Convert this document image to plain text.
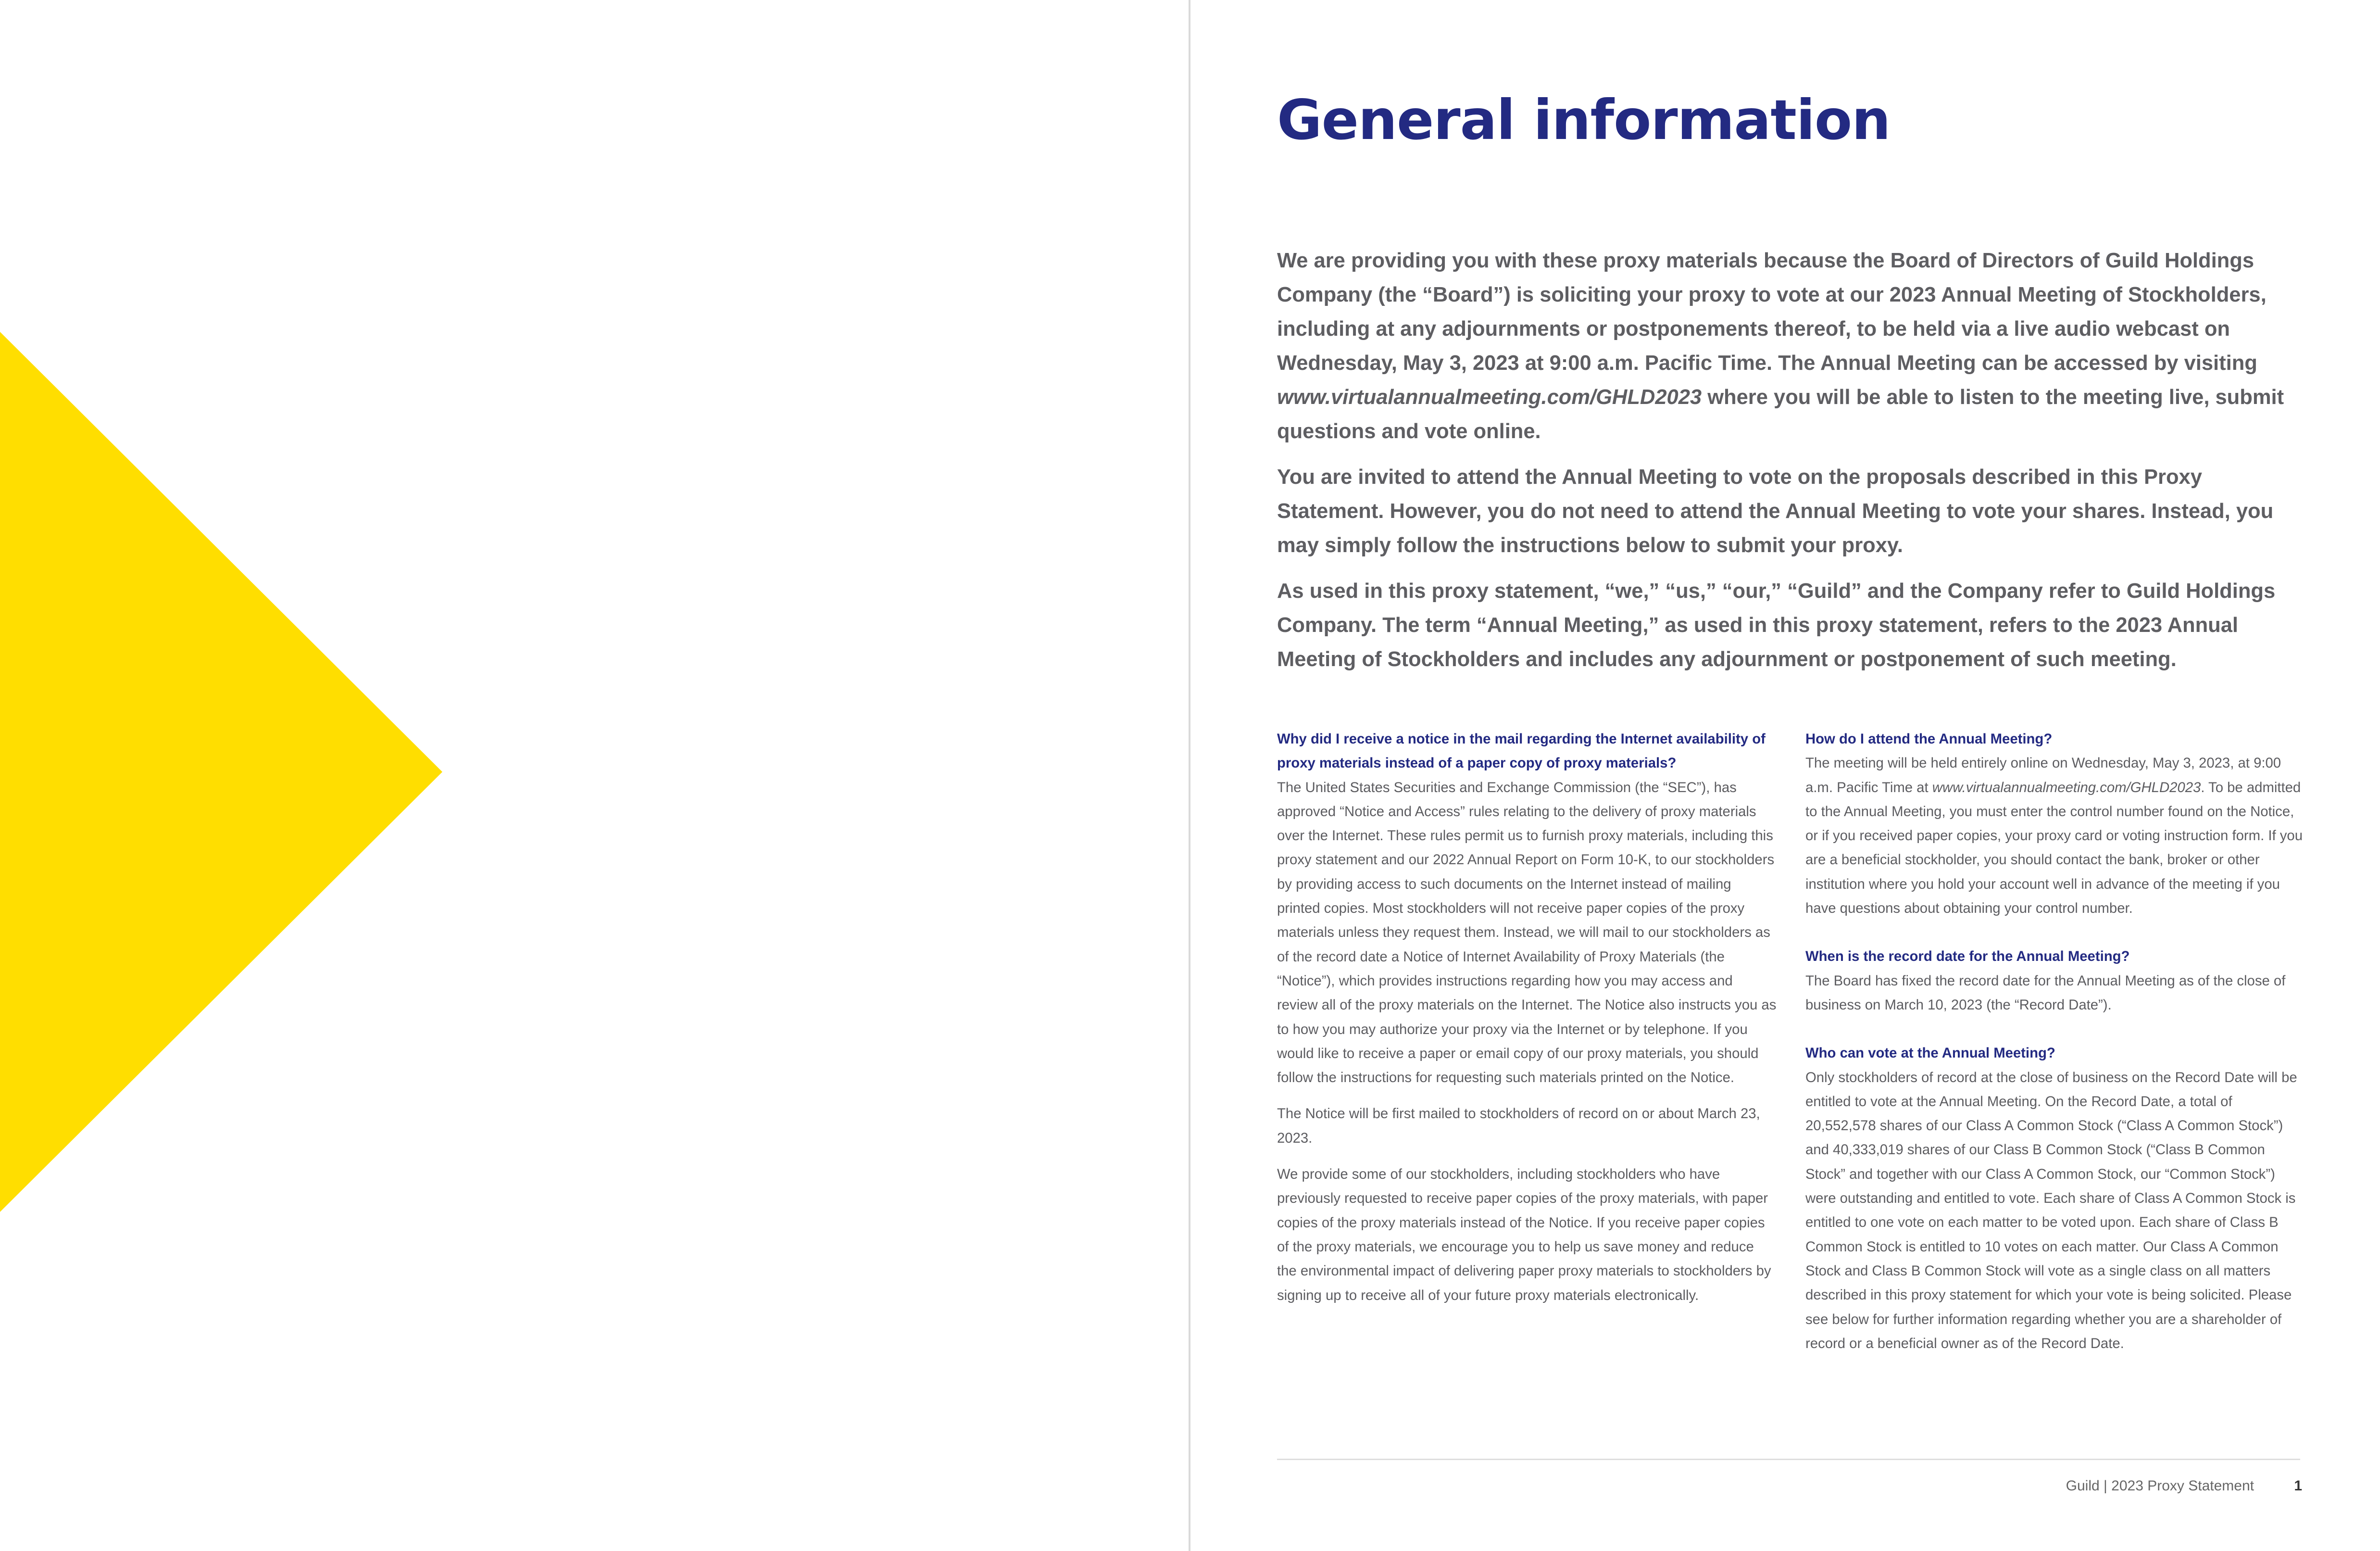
General information

We are providing you with these proxy materials because the Board of Directors of Guild Holdings Company (the “Board”) is soliciting your proxy to vote at our 2023 Annual Meeting of Stockholders, including at any adjournments or postponements thereof, to be held via a live audio webcast on Wednesday, May 3, 2023 at 9:00 a.m. Pacific Time. The Annual Meeting can be accessed by visiting www.virtualannualmeeting.com/GHLD2023 where you will be able to listen to the meeting live, submit questions and vote online.

You are invited to attend the Annual Meeting to vote on the proposals described in this Proxy Statement. However, you do not need to attend the Annual Meeting to vote your shares. Instead, you may simply follow the instructions below to submit your proxy.

As used in this proxy statement, “we,” “us,” “our,” “Guild” and the Company refer to Guild Holdings Company. The term “Annual Meeting,” as used in this proxy statement, refers to the 2023 Annual Meeting of Stockholders and includes any adjournment or postponement of such meeting.

Why did I receive a notice in the mail regarding the Internet availability of proxy materials instead of a paper copy of proxy materials?

The United States Securities and Exchange Commission (the “SEC”), has approved “Notice and Access” rules relating to the delivery of proxy materials over the Internet. These rules permit us to furnish proxy materials, including this proxy statement and our 2022 Annual Report on Form 10-K, to our stockholders by providing access to such documents on the Internet instead of mailing printed copies. Most stockholders will not receive paper copies of the proxy materials unless they request them. Instead, we will mail to our stockholders as of the record date a Notice of Internet Availability of Proxy Materials (the “Notice”), which provides instructions regarding how you may access and review all of the proxy materials on the Internet. The Notice also instructs you as to how you may authorize your proxy via the Internet or by telephone. If you would like to receive a paper or email copy of our proxy materials, you should follow the instructions for requesting such materials printed on the Notice.

The Notice will be first mailed to stockholders of record on or about March 23, 2023.

We provide some of our stockholders, including stockholders who have previously requested to receive paper copies of the proxy materials, with paper copies of the proxy materials instead of the Notice. If you receive paper copies of the proxy materials, we encourage you to help us save money and reduce the environmental impact of delivering paper proxy materials to stockholders by signing up to receive all of your future proxy materials electronically.

How do I attend the Annual Meeting?

The meeting will be held entirely online on Wednesday, May 3, 2023, at 9:00 a.m. Pacific Time at www.virtualannualmeeting.com/GHLD2023. To be admitted to the Annual Meeting, you must enter the control number found on the Notice, or if you received paper copies, your proxy card or voting instruction form. If you are a beneficial stockholder, you should contact the bank, broker or other institution where you hold your account well in advance of the meeting if you have questions about obtaining your control number.

When is the record date for the Annual Meeting?

The Board has fixed the record date for the Annual Meeting as of the close of business on March 10, 2023 (the “Record Date”).

Who can vote at the Annual Meeting?

Only stockholders of record at the close of business on the Record Date will be entitled to vote at the Annual Meeting. On the Record Date, a total of 20,552,578 shares of our Class A Common Stock (“Class A Common Stock”) and 40,333,019 shares of our Class B Common Stock (“Class B Common Stock” and together with our Class A Common Stock, our “Common Stock”) were outstanding and entitled to vote. Each share of Class A Common Stock is entitled to one vote on each matter to be voted upon. Each share of Class B Common Stock is entitled to 10 votes on each matter. Our Class A Common Stock and Class B Common Stock will vote as a single class on all matters described in this proxy statement for which your vote is being solicited. Please see below for further information regarding whether you are a shareholder of record or a beneficial owner as of the Record Date.

Guild | 2023 Proxy Statement	1
